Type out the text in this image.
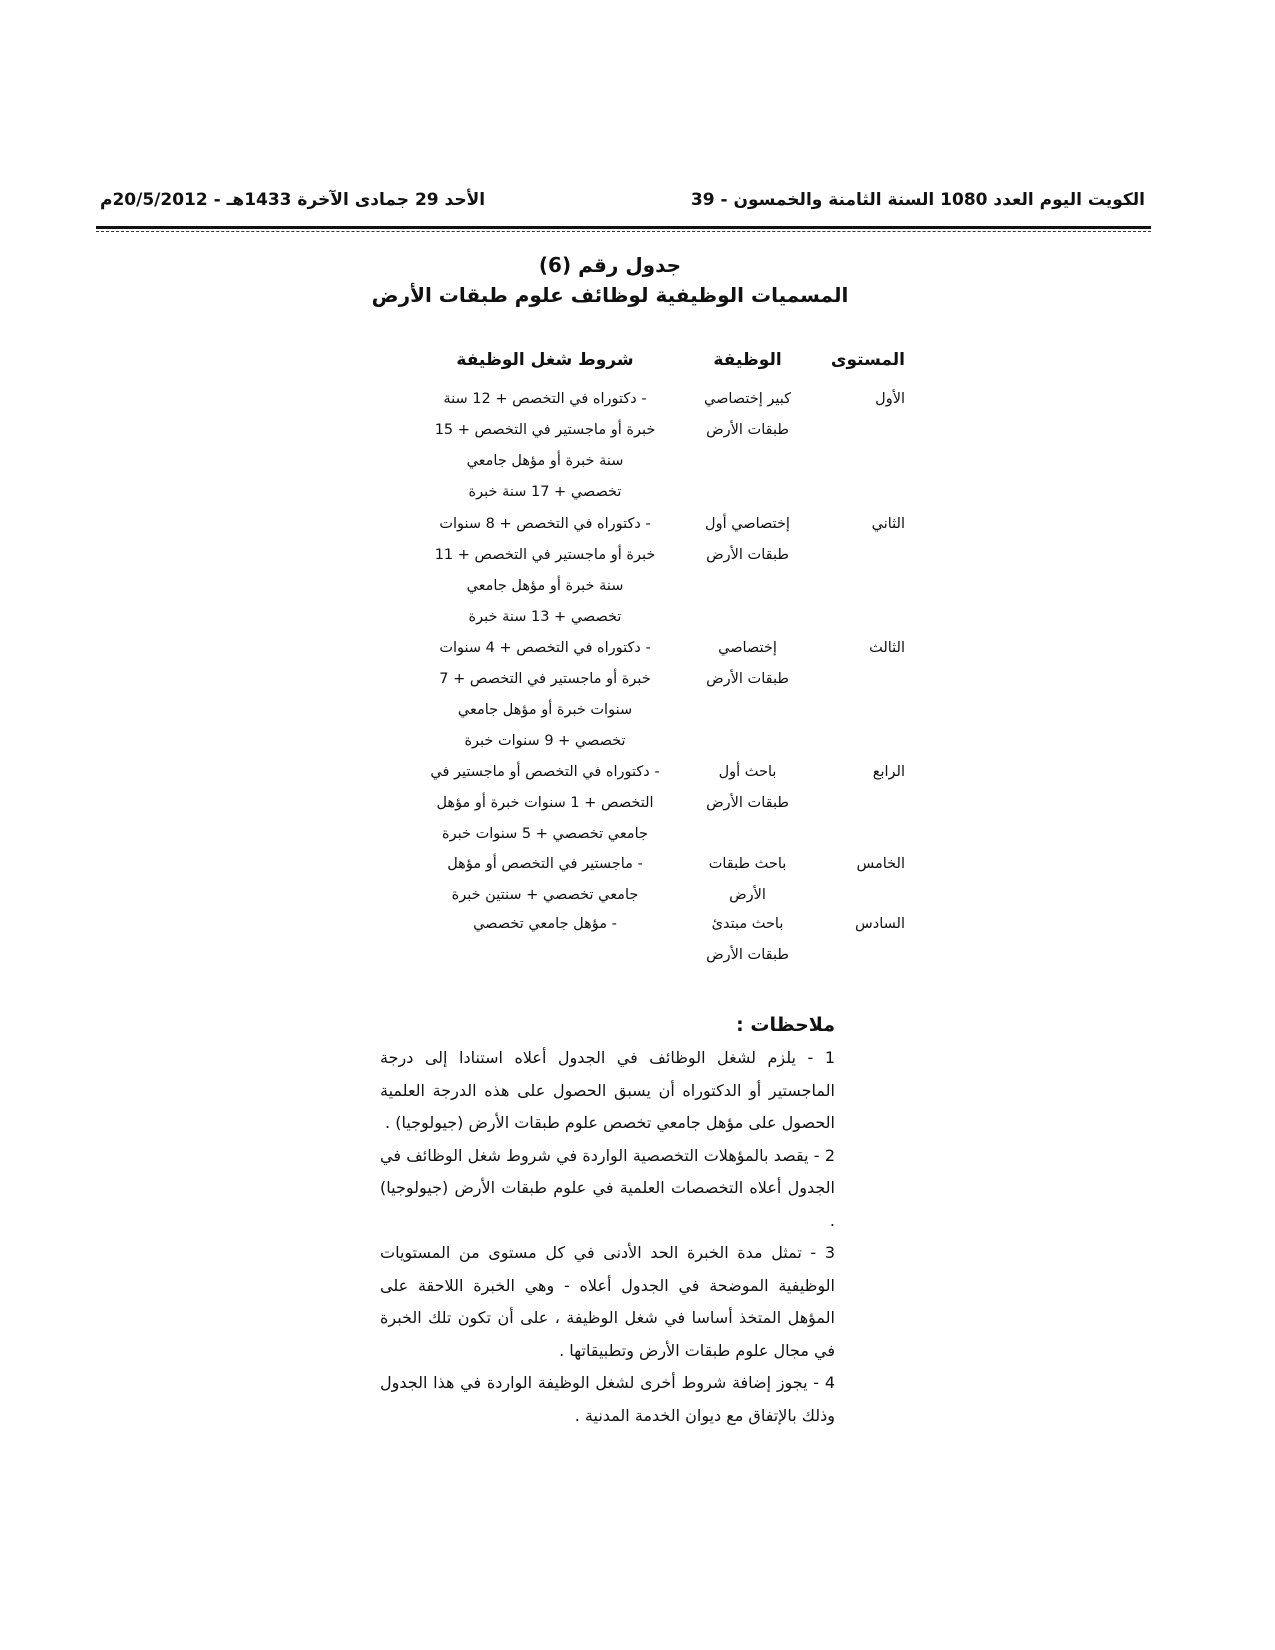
الكويت اليوم العدد 1080 السنة الثامنة والخمسون - 39
الأحد 29 جمادى الآخرة 1433هـ - 20/5/2012م
جدول رقم (6)
المسميات الوظيفية لوظائف علوم طبقات الأرض
المستوى
الوظيفة
شروط شغل الوظيفة
الأول
كبير إختصاصي
طبقات الأرض
- دكتوراه في التخصص + 12 سنة
خبرة أو ماجستير في التخصص + 15
سنة خبرة أو مؤهل جامعي
تخصصي + 17 سنة خبرة
الثاني
إختصاصي أول
طبقات الأرض
- دكتوراه في التخصص + 8 سنوات
خبرة أو ماجستير في التخصص + 11
سنة خبرة أو مؤهل جامعي
تخصصي + 13 سنة خبرة
الثالث
إختصاصي
طبقات الأرض
- دكتوراه في التخصص + 4 سنوات
خبرة أو ماجستير في التخصص + 7
سنوات خبرة أو مؤهل جامعي
تخصصي + 9 سنوات خبرة
الرابع
باحث أول
طبقات الأرض
- دكتوراه في التخصص أو ماجستير في
التخصص + 1 سنوات خبرة أو مؤهل
جامعي تخصصي + 5 سنوات خبرة
الخامس
باحث طبقات
الأرض
- ماجستير في التخصص أو مؤهل
جامعي تخصصي + سنتين خبرة
السادس
باحث مبتدئ
طبقات الأرض
- مؤهل جامعي تخصصي
ملاحظات :
1 - يلزم لشغل الوظائف في الجدول أعلاه استنادا إلى درجة الماجستير أو الدكتوراه أن يسبق الحصول على هذه الدرجة العلمية الحصول على مؤهل جامعي تخصص علوم طبقات الأرض (جيولوجيا) .
2 - يقصد بالمؤهلات التخصصية الواردة في شروط شغل الوظائف في الجدول أعلاه التخصصات العلمية في علوم طبقات الأرض (جيولوجيا) .
3 - تمثل مدة الخبرة الحد الأدنى في كل مستوى من المستويات الوظيفية الموضحة في الجدول أعلاه - وهي الخبرة اللاحقة على المؤهل المتخذ أساسا في شغل الوظيفة ، على أن تكون تلك الخبرة في مجال علوم طبقات الأرض وتطبيقاتها .
4 - يجوز إضافة شروط أخرى لشغل الوظيفة الواردة في هذا الجدول وذلك بالإتفاق مع ديوان الخدمة المدنية .
